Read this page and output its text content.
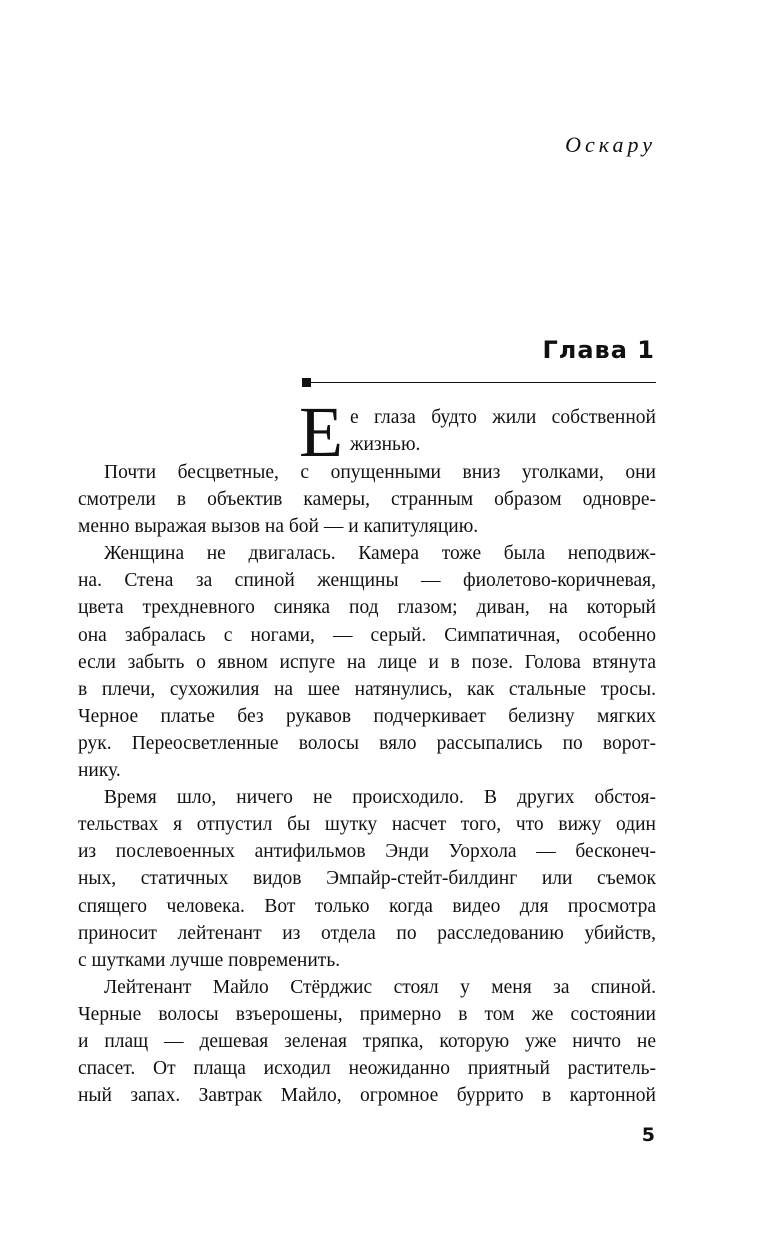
Оскару
Глава 1
Е е глаза будто жили собственной
жизнью.
Почти бесцветные, с опущенными вниз уголками, они
смотрели в объектив камеры, странным образом одновре-
менно выражая вызов на бой — и капитуляцию.
Женщина не двигалась. Камера тоже была неподвиж-
на. Стена за спиной женщины — фиолетово-коричневая,
цвета трехдневного синяка под глазом; диван, на который
она забралась с ногами, — серый. Симпатичная, особенно
если забыть о явном испуге на лице и в позе. Голова втянута
в плечи, сухожилия на шее натянулись, как стальные тросы.
Черное платье без рукавов подчеркивает белизну мягких
рук. Переосветленные волосы вяло рассыпались по ворот-
нику.
Время шло, ничего не происходило. В других обстоя-
тельствах я отпустил бы шутку насчет того, что вижу один
из послевоенных антифильмов Энди Уорхола — бесконеч-
ных, статичных видов Эмпайр-стейт-билдинг или съемок
спящего человека. Вот только когда видео для просмотра
приносит лейтенант из отдела по расследованию убийств,
с шутками лучше повременить.
Лейтенант Майло Стёрджис стоял у меня за спиной.
Черные волосы взъерошены, примерно в том же состоянии
и плащ — дешевая зеленая тряпка, которую уже ничто не
спасет. От плаща исходил неожиданно приятный раститель-
ный запах. Завтрак Майло, огромное буррито в картонной
5
